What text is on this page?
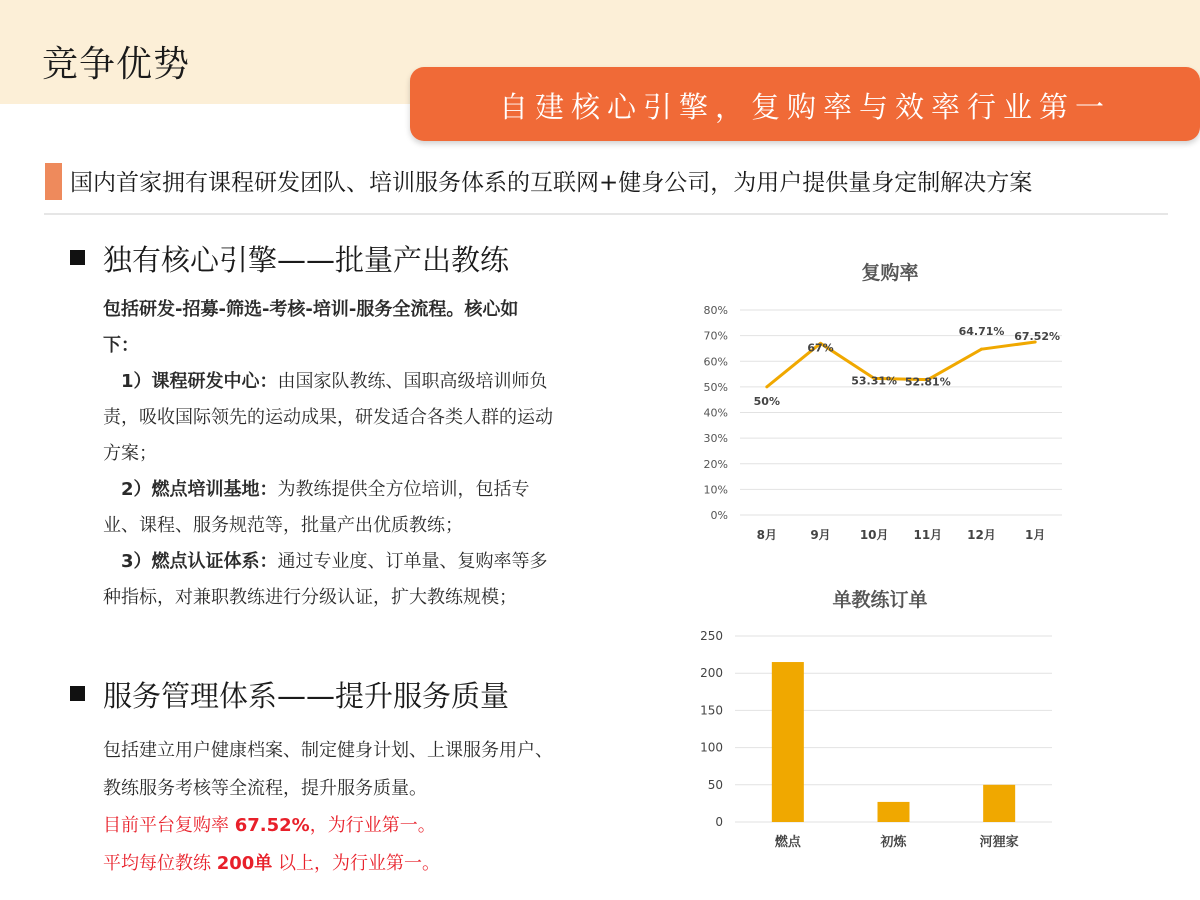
竞争优势
自建核心引擎，复购率与效率行业第一
国内首家拥有课程研发团队、培训服务体系的互联网+健身公司，为用户提供量身定制解决方案
独有核心引擎——批量产出教练
包括研发-招募-筛选-考核-培训-服务全流程。核心如下：
1）课程研发中心：由国家队教练、国职高级培训师负责，吸收国际领先的运动成果，研发适合各类人群的运动方案；
2）燃点培训基地：为教练提供全方位培训，包括专业、课程、服务规范等，批量产出优质教练；
3）燃点认证体系：通过专业度、订单量、复购率等多种指标，对兼职教练进行分级认证，扩大教练规模；
服务管理体系——提升服务质量
包括建立用户健康档案、制定健身计划、上课服务用户、教练服务考核等全流程，提升服务质量。
目前平台复购率 67.52%，为行业第一。
平均每位教练 200单 以上，为行业第一。
复购率
0%
10%
20%
30%
40%
50%
60%
70%
80%
50%
8月
67%
9月
53.31%
10月
52.81%
11月
64.71%
12月
67.52%
1月
单教练订单
0
50
100
150
200
250
燃点	初炼	河狸家
